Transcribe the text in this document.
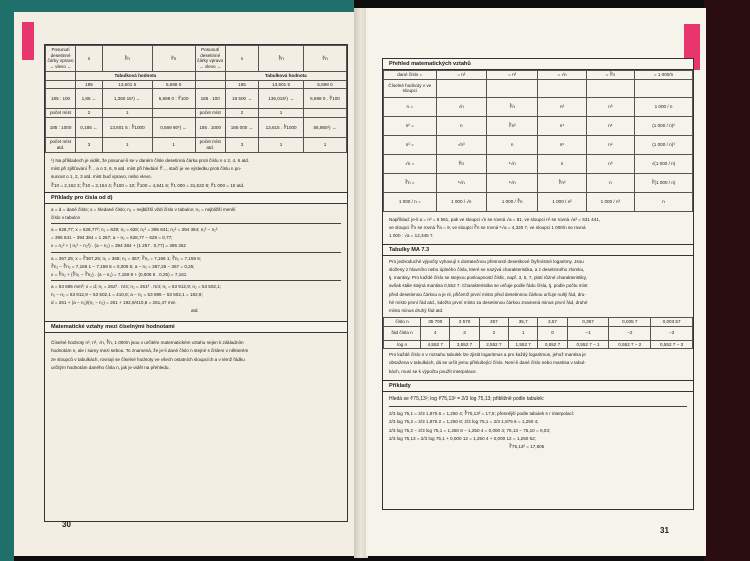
Posunutí desetinné čárky vpravo → vlevo ←	n	∛n	∜n	Posunutí desetinné čárky vpravo → vlevo ←	n	∛n	∜n
	Tabulková hodnota				Tabulková hodnota		
	185	13,601 5	5,698 0		185	13,601 5	5,698 0
185 : 100	1,85 ←	1,360 15¹) ←	5,698 0 : ∜100	185 . 100	18 500 →	136,015¹) →	5,698 0 . ∜100
počet míst	2	1		počet míst	2	1	
185 : 1000	0,185 ←	13,601 5 : ∛1000	0,569 80¹) ←	185 . 1000	185 000 →	13,615 . ∛1000	56,980¹) →
počet míst atd.	3	1	1	počet míst atd.	3	1	1

¹) Na příkladech je vidět, že posunuí-li se v daném čísle desetinná čárka proti číslu n o 2, 4, 6 atd.

míst při zjišťování ∛... a o 3, 6, 9 atd. míst při hledání ∜..., stačí je ve výsledku proti číslu n po-

sunout o 1, 2, 3 atd. míst buď vpravo, nebo vlevo.

∛10 = 2,162 3; ∛10 = 2,154 4; ∛100 = 10; ∛100 = 4,641 6; ∜1 000 = 31,622 8; ∜1 000 = 10 atd.

Příklady pro čísla od d)

a = d = dané číslo; x = hledané číslo; n₁ = nejbližší vždi číslo v tabulce; n₂ = nejbližší menší

číslo v tabulce

a = 628,77; x = 628,77²; n₁ = 629; n₂ = 628; n₁² = 395 641; n₂² = 394 384; n₁² − n₂²

= 395 641 − 394 384 = 1 257; a − n₂ = 628,77 − 628 = 0,77;

x = n₂² + ( n₁² − n₂²) . (a − n₂) = 394 384 + (1 257 . 0,77) = 395 352

a = 367,25; x = ∛367,25; n₁ = 368; n₂ = 367; ∛n₁ = 7,166 1; ∛n₂ = 7,159 6;

∛n₁ − ∛n₂ = 7,166 1 − 7,159 6 = 0,006 5; a − n₂ = 367,25 − 367 = 0,25;

x = ∛n₂ + (∛n₁ − ∛n₂) . (a − n₂) = 7,159 6 + (0,006 5 . 0,25) = 7,161

a = 53 695 mm³; x = d; n₁ = 262³ . π/4; n₂ = 261³ . π/4; n₁ = 53 912,9; n₂ = 53 502,1;

n₁ − n₂ = 53 912,9 − 53 502,1 = 410,8; a − n₂ = 53 695 − 53 502,1 = 192,9;

d = 261 + (a − n₂)/(n₁ − n₂) = 261 + 192,9/410,8 = 261,47 mm

atd.

Matematické vztahy mezi číselnými hodnotami

Číselné hodnoty n², n³, √n, ∛n, 1 000/n jsou v určitém matematickém vztahu nejen k základním

hodnotám n, ale i samy mezi sebou. To znamená, že je-li dané číslo n stejné s číslem v některém

ze sloupců v tabulkách, rovnají se číselné hodnoty ve všech ostatních sloupcích a v témž řádku

určitým hodnotám daného čísla n, jak je vidět na přehledu.

30
Přehled matematických vztahů
dané číslo =	= n²	= n³	= √n	= ∛n	= 1 000/n
Číselné hodnoty v ve sloupci					
n =	√n	∛n	n²	n³	1 000 / n
n² =	n	∛n²	n⁴	n⁶	(1 000 / n)²
n³ =	√n³	n	n⁶	n⁹	(1 000 / n)³
√n =	∜n	⁶√n	n	n³	√(1 000 / n)
∛n =	⁶√n	⁹√n	∛n²	n	∛(1 000 / n)
1 000 / n =	1 000 / √n	1 000 / ∛n	1 000 / n²	1 000 / n³	n

Například: je-li a = n² = 6 561, pak ve sloupci √n se rovná √a = 81, ve sloupci n² se rovná √a³ = 531 441,

ve sloupci ∛n se rovná ∜a = 9, ve sloupci ∛n se rovná ⁶√a = 4,326 7, ve sloupci 1 000/n se rovná

1 000 : √a = 12,345 7.

Tabulky MA 7.3

Pro jednoduché výpočty vyhovují s dostatečnou přesností desetikové čtyřmístné logaritmy. Jsou

složeny z hlavního nebo úplného čísla, které se nazývá charakteristika, a z desetinného zlomku,

tj. mantisy. Pro každé číslo se stejnou posloupností číslic, např. 3, 5, 7, platí různé charakteristiky,

avšak stále stejná mantisa 0,552 7. Charakteristika se určuje podle řádu čísla, tj. podle počtu míst

před desetinnou čárkou a je nl, přičemž první místo před desetinnou čárkou určuje nultý řád, dru-

hé místo první řád atd., kdežto první místo za desetinnou čárkou znamená minus první řád, druhé

místo minus druhý řád atd.

číslo n	35 700	3 570	357	35,7	3,57	0,357	0,035 7	0,003 57
řád čísla n	4	3	2	1	0	−1	−2	−3
log n	4,552 7	3,552 7	2,552 7	1,552 7	0,552 7	0,552 7 − 1	0,552 7 − 2	0,552 7 − 3

Pro každé číslo n v rozsahu tabulek lze zjistit logaritmus a pro každý logaritmus, jehož mantisa je

obsažena v tabulkách, dá se určit jemu příslušející číslo. Není-li dané číslo nebo mantisa v tabul-

kách, musí se k výpočtu použít interpolace.

Příklady

Hledá se ∛75,13²; log ∛75,13² = 2/3 log 75,13; přibližně podle tabulek:

2/3 log 75,1 = 2/3 1,875 6 = 1,250 4; ∛75,13² = 17,8; přesnější podle tabulek s r interpolací:

2/3 log 75,2 = 2/3 1,876 2 = 1,250 8; 2/3 log 75,1 = 2/3 1,875 6 = 1,250 4;

2/3 log 75,2 − 2/3 log 75,1 = 1,250 8 − 1,250 4 = 0,000 4; 75,13 − 75,10 = 0,03;

2/3 log 75,13 = 2/3 log 75,1 + 0,000 12 = 1,250 4 + 0,000 12 = 1,250 52;

∛75,13² = 17,805

31
